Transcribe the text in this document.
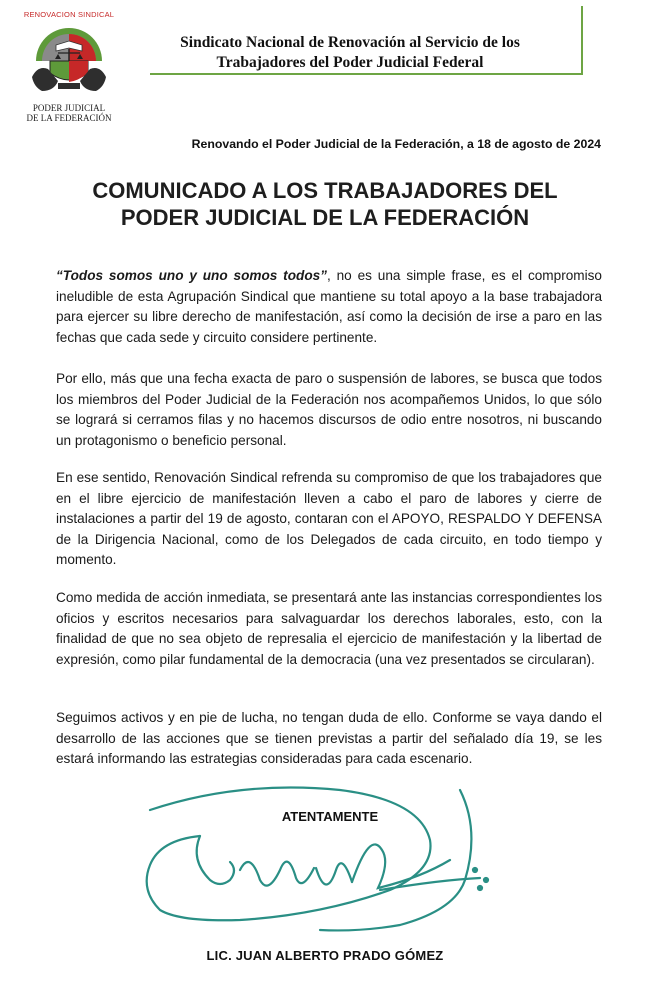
RENOVACION SINDICAL
PODER JUDICIAL
DE LA FEDERACIÓN
Sindicato Nacional de Renovación al Servicio de los
Trabajadores del Poder Judicial Federal
Renovando el Poder Judicial de la Federación, a 18 de agosto de 2024
COMUNICADO A LOS TRABAJADORES DEL
PODER JUDICIAL DE LA FEDERACIÓN

“Todos somos uno y uno somos todos”, no es una simple frase, es el compromiso ineludible de esta Agrupación Sindical que mantiene su total apoyo a la base trabajadora para ejercer su libre derecho de manifestación, así como la decisión de irse a paro en las fechas que cada sede y circuito considere pertinente.

Por ello, más que una fecha exacta de paro o suspensión de labores, se busca que todos los miembros del Poder Judicial de la Federación nos acompañemos Unidos, lo que sólo se logrará si cerramos filas y no hacemos discursos de odio entre nosotros, ni buscando un protagonismo o beneficio personal.

En ese sentido, Renovación Sindical refrenda su compromiso de que los trabajadores que en el libre ejercicio de manifestación lleven a cabo el paro de labores y cierre de instalaciones a partir del 19 de agosto, contaran con el APOYO, RESPALDO Y DEFENSA de la Dirigencia Nacional, como de los Delegados de cada circuito, en todo tiempo y momento.

Como medida de acción inmediata, se presentará ante las instancias correspondientes los oficios y escritos necesarios para salvaguardar los derechos laborales, esto, con la finalidad de que no sea objeto de represalia el ejercicio de manifestación y la libertad de expresión, como pilar fundamental de la democracia (una vez presentados se circularan).

Seguimos activos y en pie de lucha, no tengan duda de ello. Conforme se vaya dando el desarrollo de las acciones que se tienen previstas a partir del señalado día 19, se les estará informando las estrategias consideradas para cada escenario.

ATENTAMENTE
LIC. JUAN ALBERTO PRADO GÓMEZ
